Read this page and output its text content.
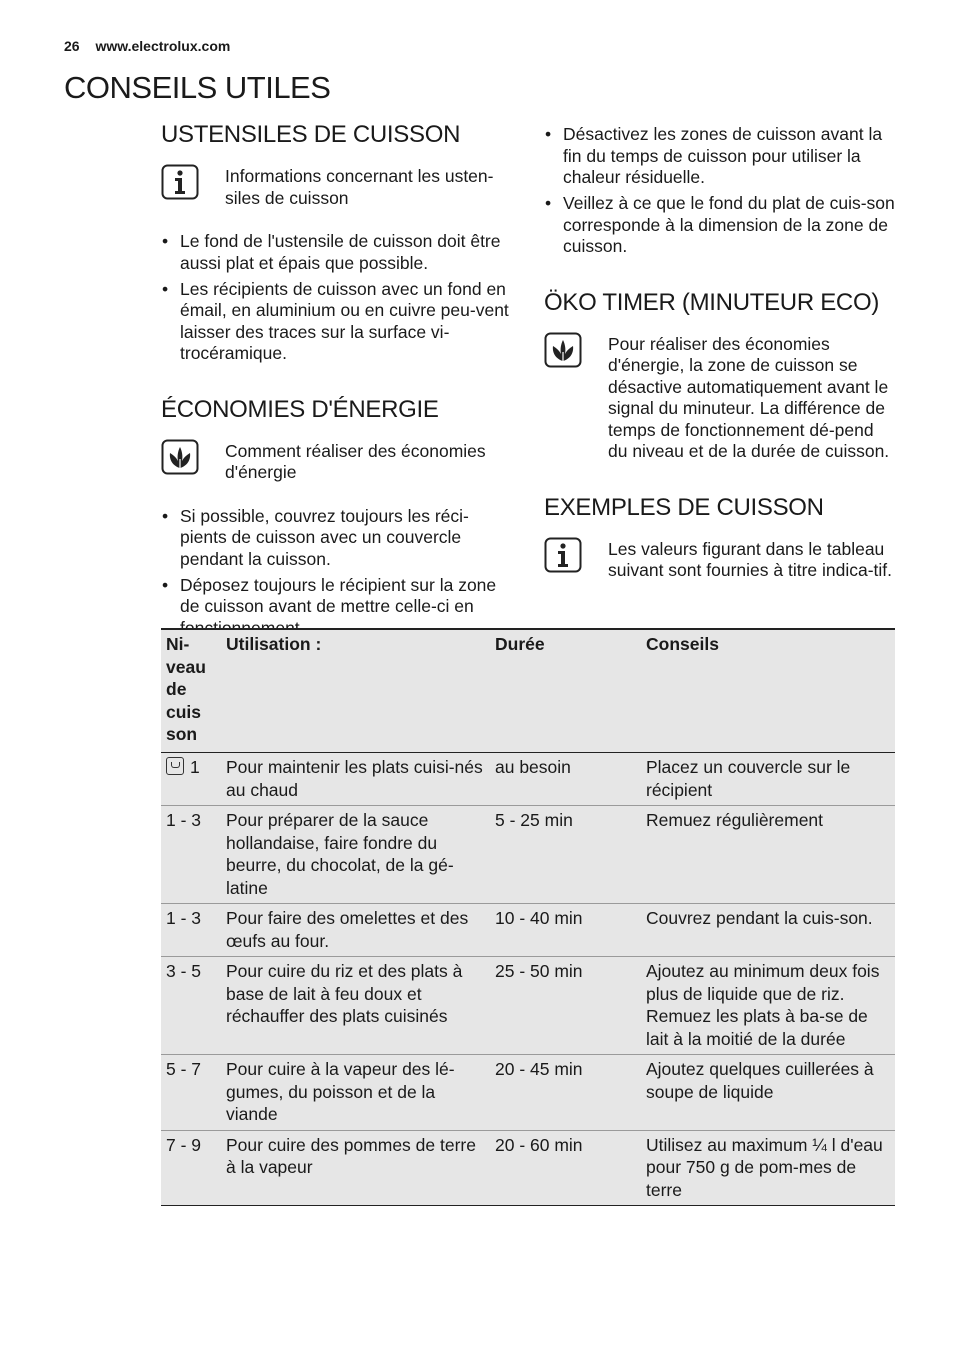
26 www.electrolux.com
CONSEILS UTILES
USTENSILES DE CUISSON

Informations concernant les usten-siles de cuisson

• Le fond de l'ustensile de cuisson doit être aussi plat et épais que possible.
• Les récipients de cuisson avec un fond en émail, en aluminium ou en cuivre peu-vent laisser des traces sur la surface vi-trocéramique.
ÉCONOMIES D'ÉNERGIE

Comment réaliser des économies d'énergie

• Si possible, couvrez toujours les réci-pients de cuisson avec un couvercle pendant la cuisson.
• Déposez toujours le récipient sur la zone de cuisson avant de mettre celle-ci en
• Désactivez les zones de cuisson avant la fin du temps de cuisson pour utiliser la chaleur résiduelle.
• Veillez à ce que le fond du plat de cuis-son corresponde à la dimension de la zone de cuisson.
ÖKO TIMER (MINUTEUR ECO)

Pour réaliser des économies d'énergie, la zone de cuisson se désactive automatiquement avant le signal du minuteur. La différence de temps de fonctionnement dé-pend du niveau et de la durée de cuisson.

EXEMPLES DE CUISSON

Les valeurs figurant dans le tableau suivant sont fournies à titre indica-tif.

Ni-veau de cuis son	Utilisation :	Durée	Conseils
1	Pour maintenir les plats cuisi-nés au chaud	au besoin	Placez un couvercle sur le récipient
1 - 3	Pour préparer de la sauce hollandaise, faire fondre du beurre, du chocolat, de la gé-latine	5 - 25 min	Remuez régulièrement
1 - 3	Pour faire des omelettes et des œufs au four.	10 - 40 min	Couvrez pendant la cuis-son.
3 - 5	Pour cuire du riz et des plats à base de lait à feu doux et réchauffer des plats cuisinés	25 - 50 min	Ajoutez au minimum deux fois plus de liquide que de riz. Remuez les plats à ba-se de lait à la moitié de la durée
5 - 7	Pour cuire à la vapeur des lé-gumes, du poisson et de la viande	20 - 45 min	Ajoutez quelques cuillerées à soupe de liquide
7 - 9	Pour cuire des pommes de terre à la vapeur	20 - 60 min	Utilisez au maximum ¼ l d'eau pour 750 g de pom-mes de terre
